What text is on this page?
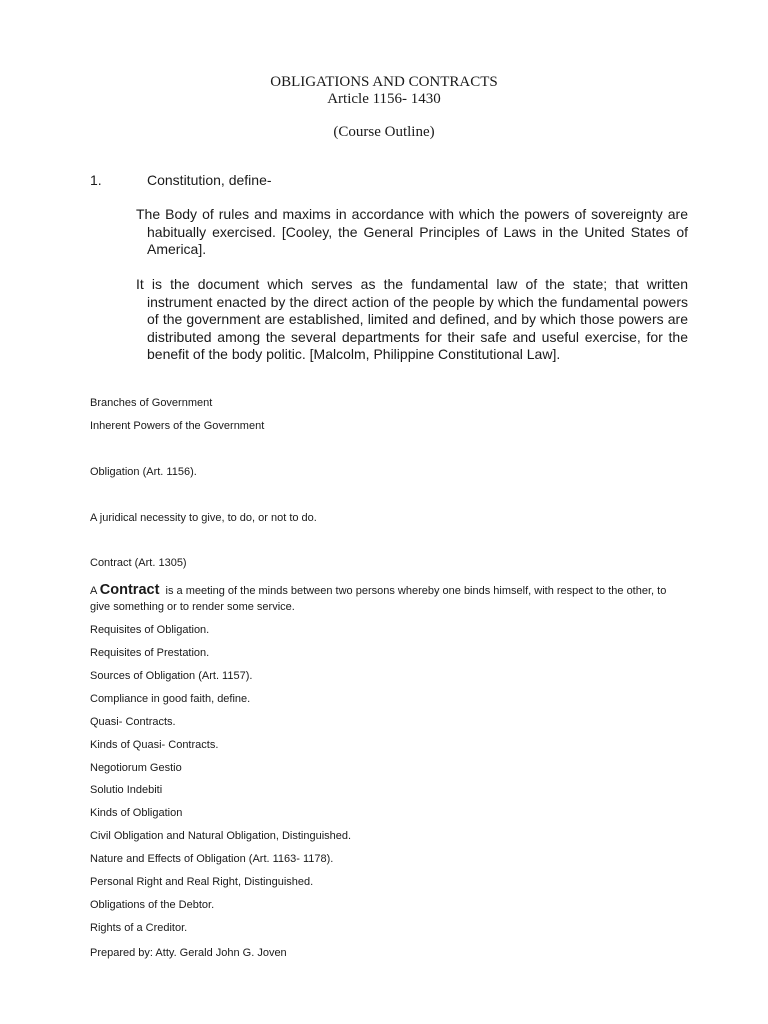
OBLIGATIONS AND CONTRACTS
Article 1156- 1430
(Course Outline)
1.	Constitution, define-
The Body of rules and maxims in accordance with which the powers of sovereignty are habitually exercised. [Cooley, the General Principles of Laws in the United States of America].
It is the document which serves as the fundamental law of the state; that written instrument enacted by the direct action of the people by which the fundamental powers of the government are established, limited and defined, and by which those powers are distributed among the several departments for their safe and useful exercise, for the benefit of the body politic. [Malcolm, Philippine Constitutional Law].
Branches of Government
Inherent Powers of the Government
Obligation (Art. 1156).
A juridical necessity to give, to do, or not to do.
Contract (Art. 1305)
A Contract is a meeting of the minds between two persons whereby one binds himself, with respect to the other, to give something or to render some service.
Requisites of Obligation.
Requisites of Prestation.
Sources of Obligation (Art. 1157).
Compliance in good faith, define.
Quasi- Contracts.
Kinds of Quasi- Contracts.
Negotiorum Gestio
Solutio Indebiti
Kinds of Obligation
Civil Obligation and Natural Obligation, Distinguished.
Nature and Effects of Obligation (Art. 1163- 1178).
Personal Right and Real Right, Distinguished.
Obligations of the Debtor.
Rights of a Creditor.
Prepared by: Atty. Gerald John G. Joven
